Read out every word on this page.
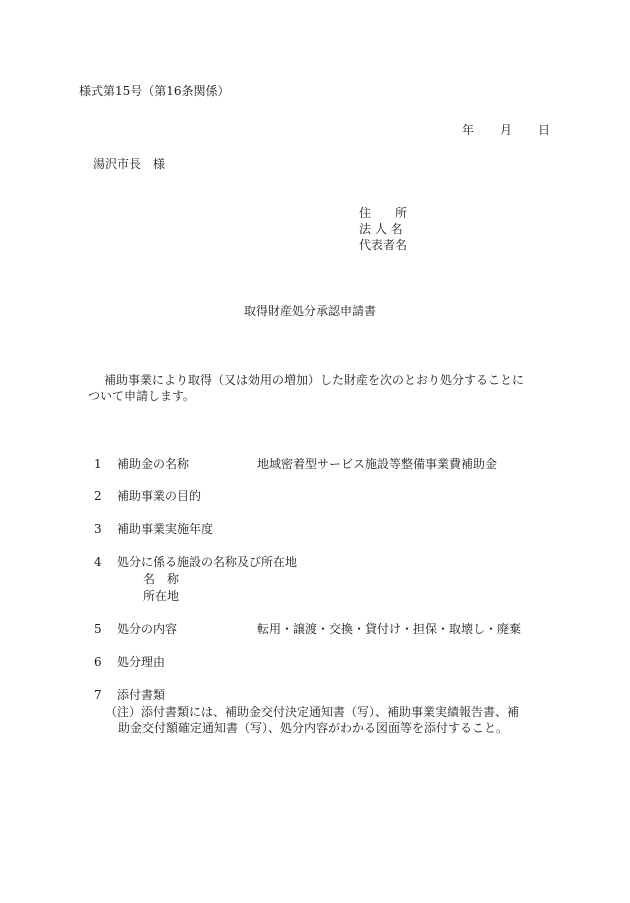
様式第15号（第16条関係）
年 月 日
湯沢市長　様
住　　所
法 人 名
代表者名
取得財産処分承認申請書
補助事業により取得（又は効用の増加）した財産を次のとおり処分することに
ついて申請します。
1 補助金の名称	地域密着型サービス施設等整備事業費補助金
2 補助事業の目的
3 補助事業実施年度
4 処分に係る施設の名称及び所在地
名　称
所在地
5 処分の内容	転用・譲渡・交換・貸付け・担保・取壊し・廃棄
6 処分理由
7 添付書類
（注）添付書類には、補助金交付決定通知書（写）、補助事業実績報告書、補
助金交付額確定通知書（写）、処分内容がわかる図面等を添付すること。
